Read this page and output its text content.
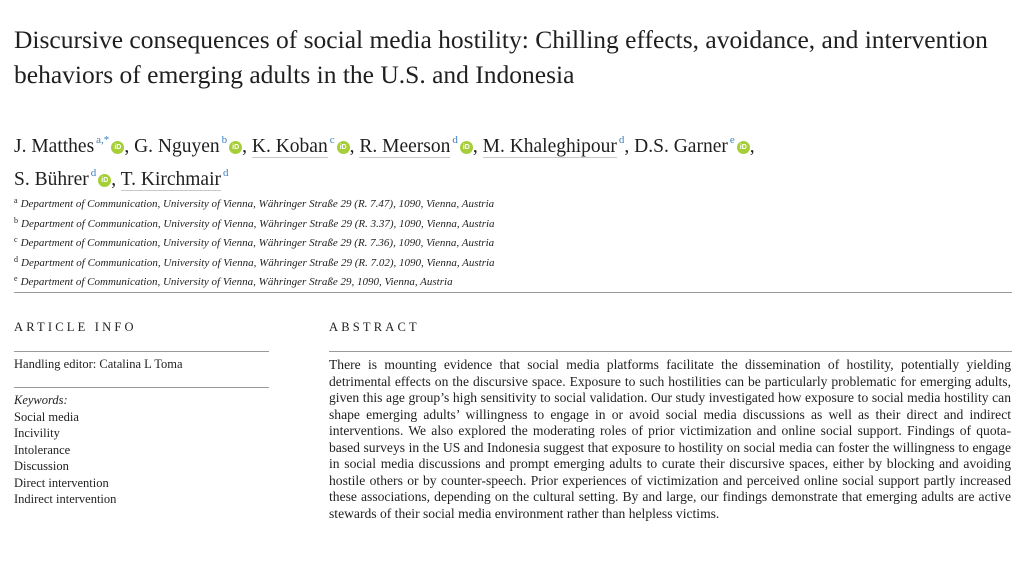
Discursive consequences of social media hostility: Chilling effects, avoidance, and intervention behaviors of emerging adults in the U.S. and Indonesia
J. Matthes $^{a,*}$iD , G. Nguyen $^b$iD , K. Koban $^c$iD , R. Meerson $^d$iD , M. Khaleghipour $^d$, D.S. Garner $^e$iD ,
S. Bührer $^d$iD , T. Kirchmair $^d$
$^a$ Department of Communication, University of Vienna, Währinger Straße 29 (R. 7.47), 1090, Vienna, Austria
$^b$ Department of Communication, University of Vienna, Währinger Straße 29 (R. 3.37), 1090, Vienna, Austria
$^c$ Department of Communication, University of Vienna, Währinger Straße 29 (R. 7.36), 1090, Vienna, Austria
$^d$ Department of Communication, University of Vienna, Währinger Straße 29 (R. 7.02), 1090, Vienna, Austria
$^e$ Department of Communication, University of Vienna, Währinger Straße 29, 1090, Vienna, Austria
ARTICLE INFO	ABSTRACT
Handling editor: Catalina L Toma
Keywords:
Social media
Incivility
Intolerance
Discussion
Direct intervention
Indirect intervention
There is mounting evidence that social media platforms facilitate the dissemination of hostility, potentially yielding detrimental effects on the discursive space. Exposure to such hostilities can be particularly problematic for emerging adults, given this age group’s high sensitivity to social validation. Our study investigated how exposure to social media hostility can shape emerging adults’ willingness to engage in or avoid social media discussions as well as their direct and indirect interventions. We also explored the moderating roles of prior victimization and online social support. Findings of quota-based surveys in the US and Indonesia suggest that exposure to hostility on social media can foster the willingness to engage in social media discussions and prompt emerging adults to curate their discursive spaces, either by blocking and avoiding hostile others or by counter-speech. Prior experiences of victimization and perceived online social support partly increased these associations, depending on the cultural setting. By and large, our findings demonstrate that emerging adults are active stewards of their social media environment rather than helpless victims.
